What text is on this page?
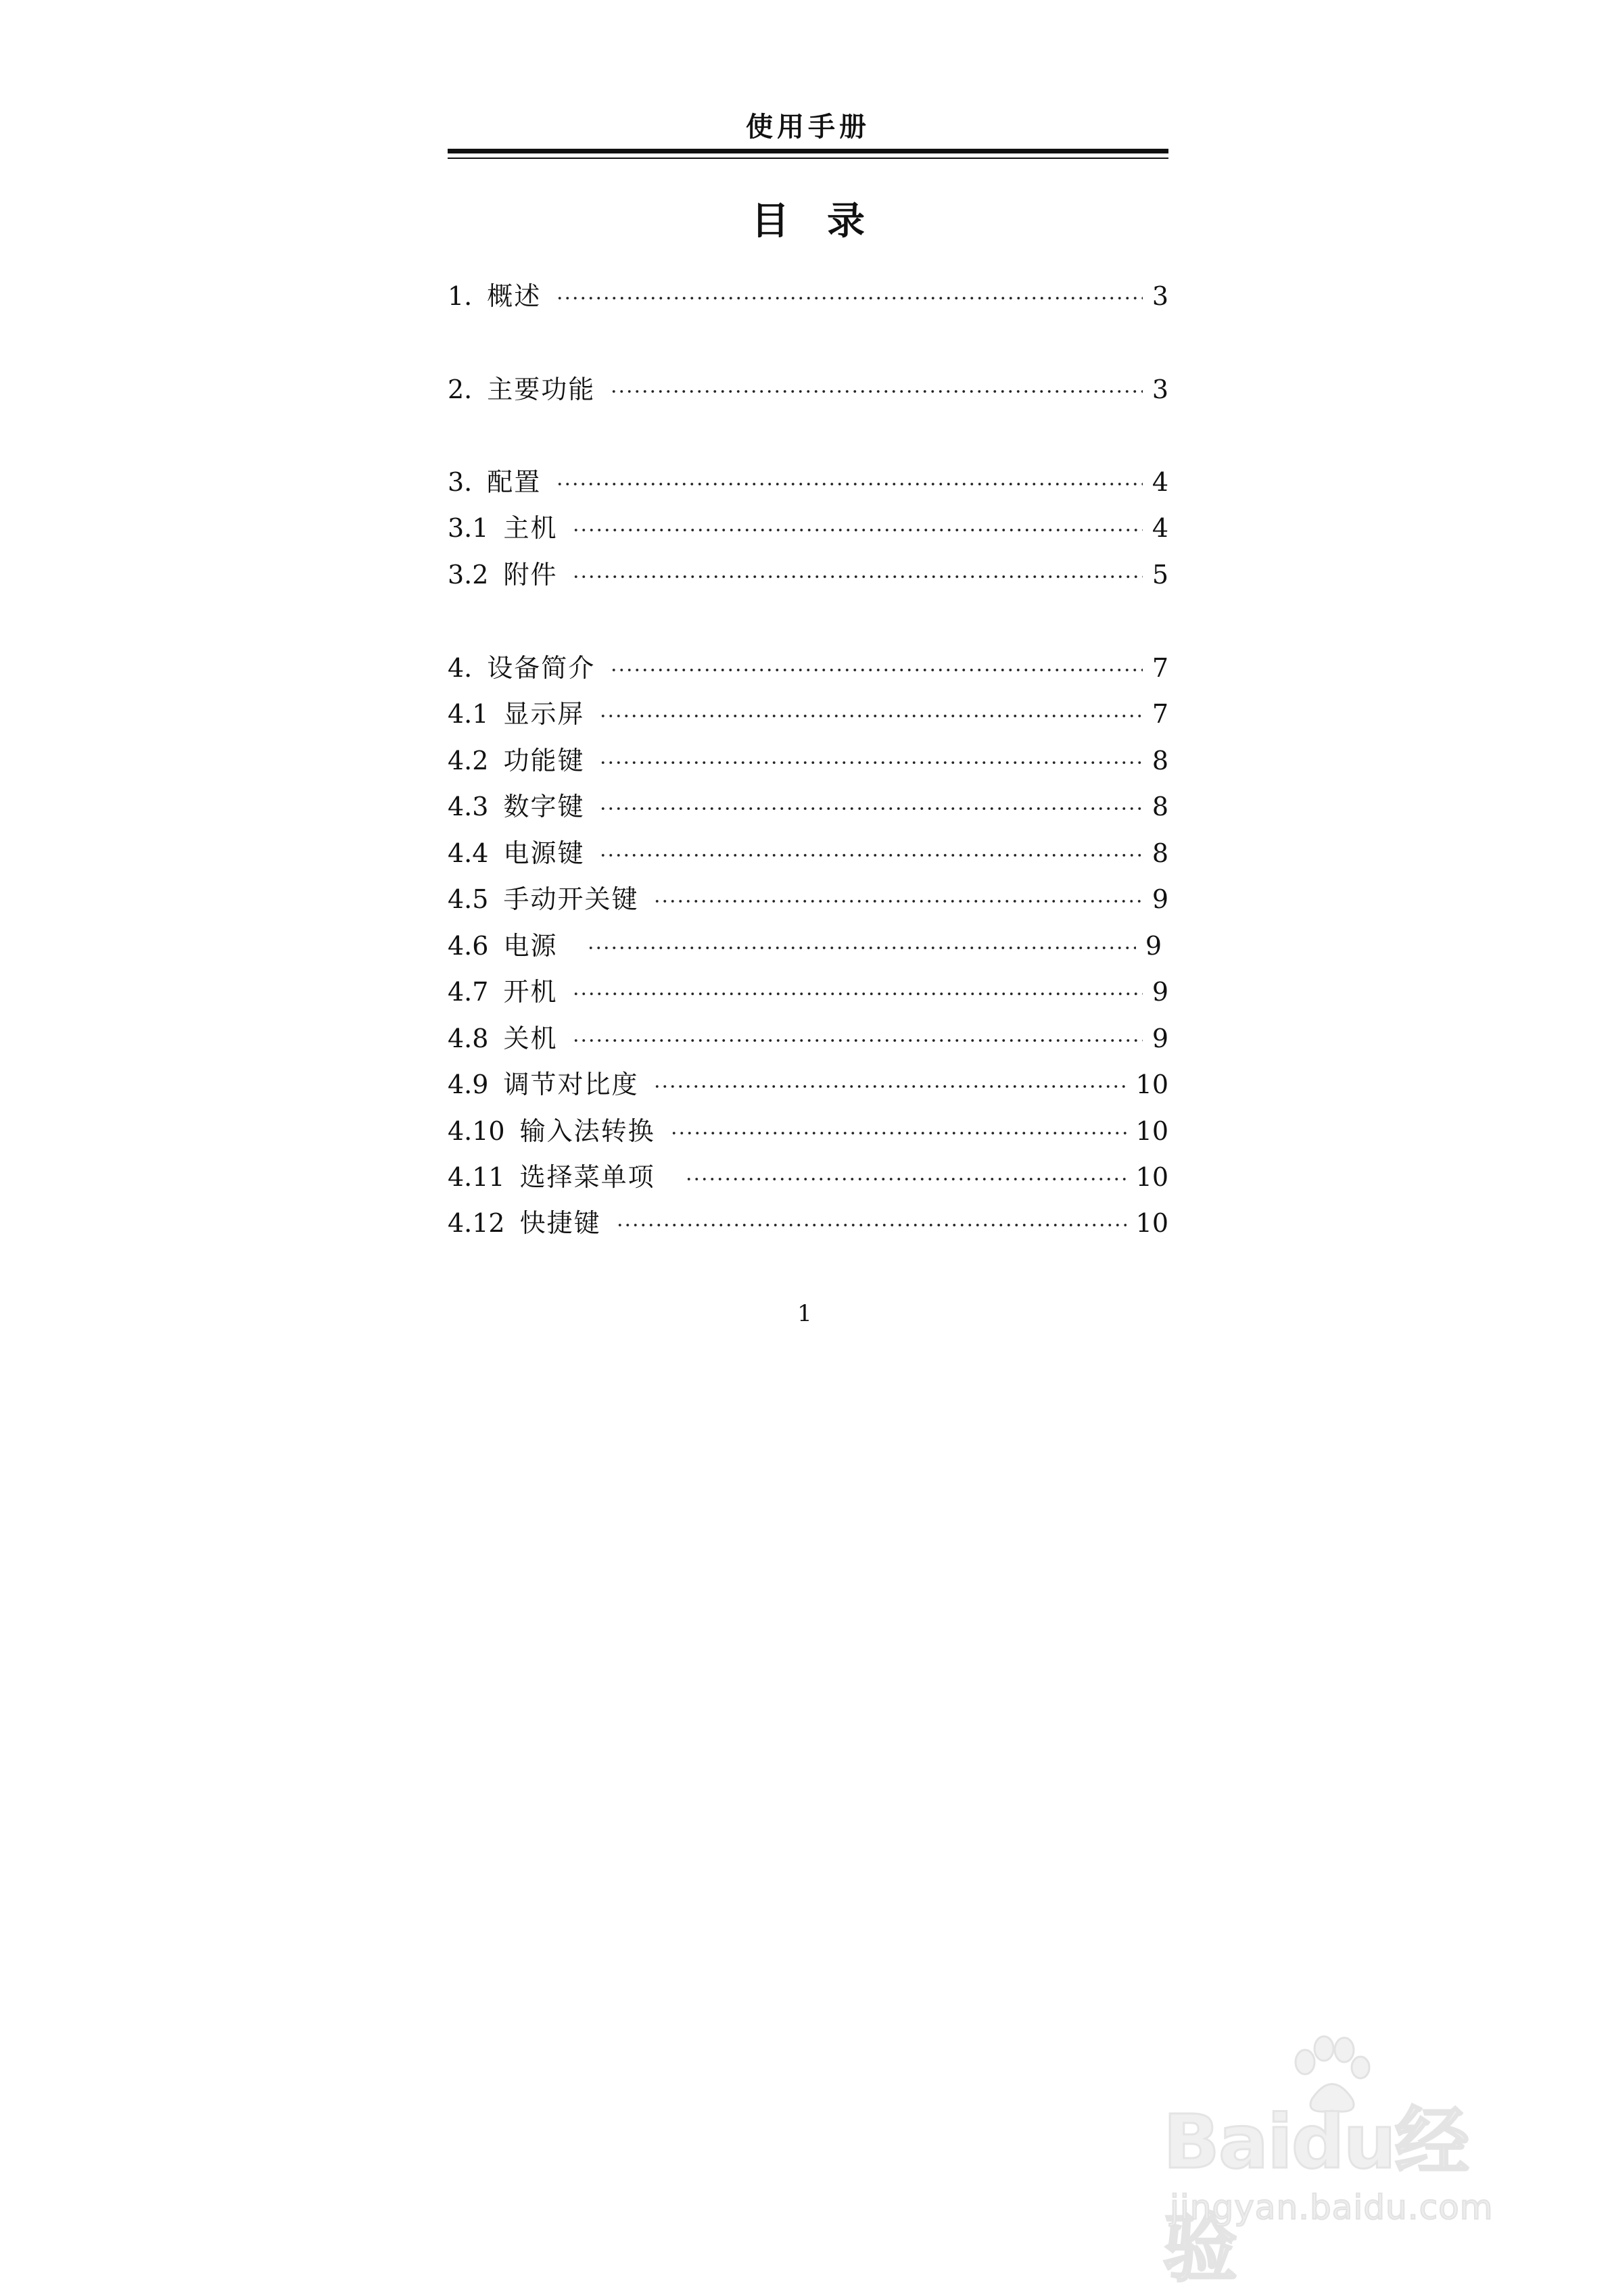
使用手册
目　录
1. 概述	3
2. 主要功能	3
3. 配置	4
3.1 主机	4
3.2 附件	5
4. 设备简介	7
4.1 显示屏	7
4.2 功能键	8
4.3 数字键	8
4.4 电源键	8
4.5 手动开关键	9
4.6 电源	9
4.7 开机	9
4.8 关机	9
4.9 调节对比度	10
4.10 输入法转换	10
4.11 选择菜单项	10
4.12 快捷键	10
1
Baidu经验
jingyan.baidu.com
